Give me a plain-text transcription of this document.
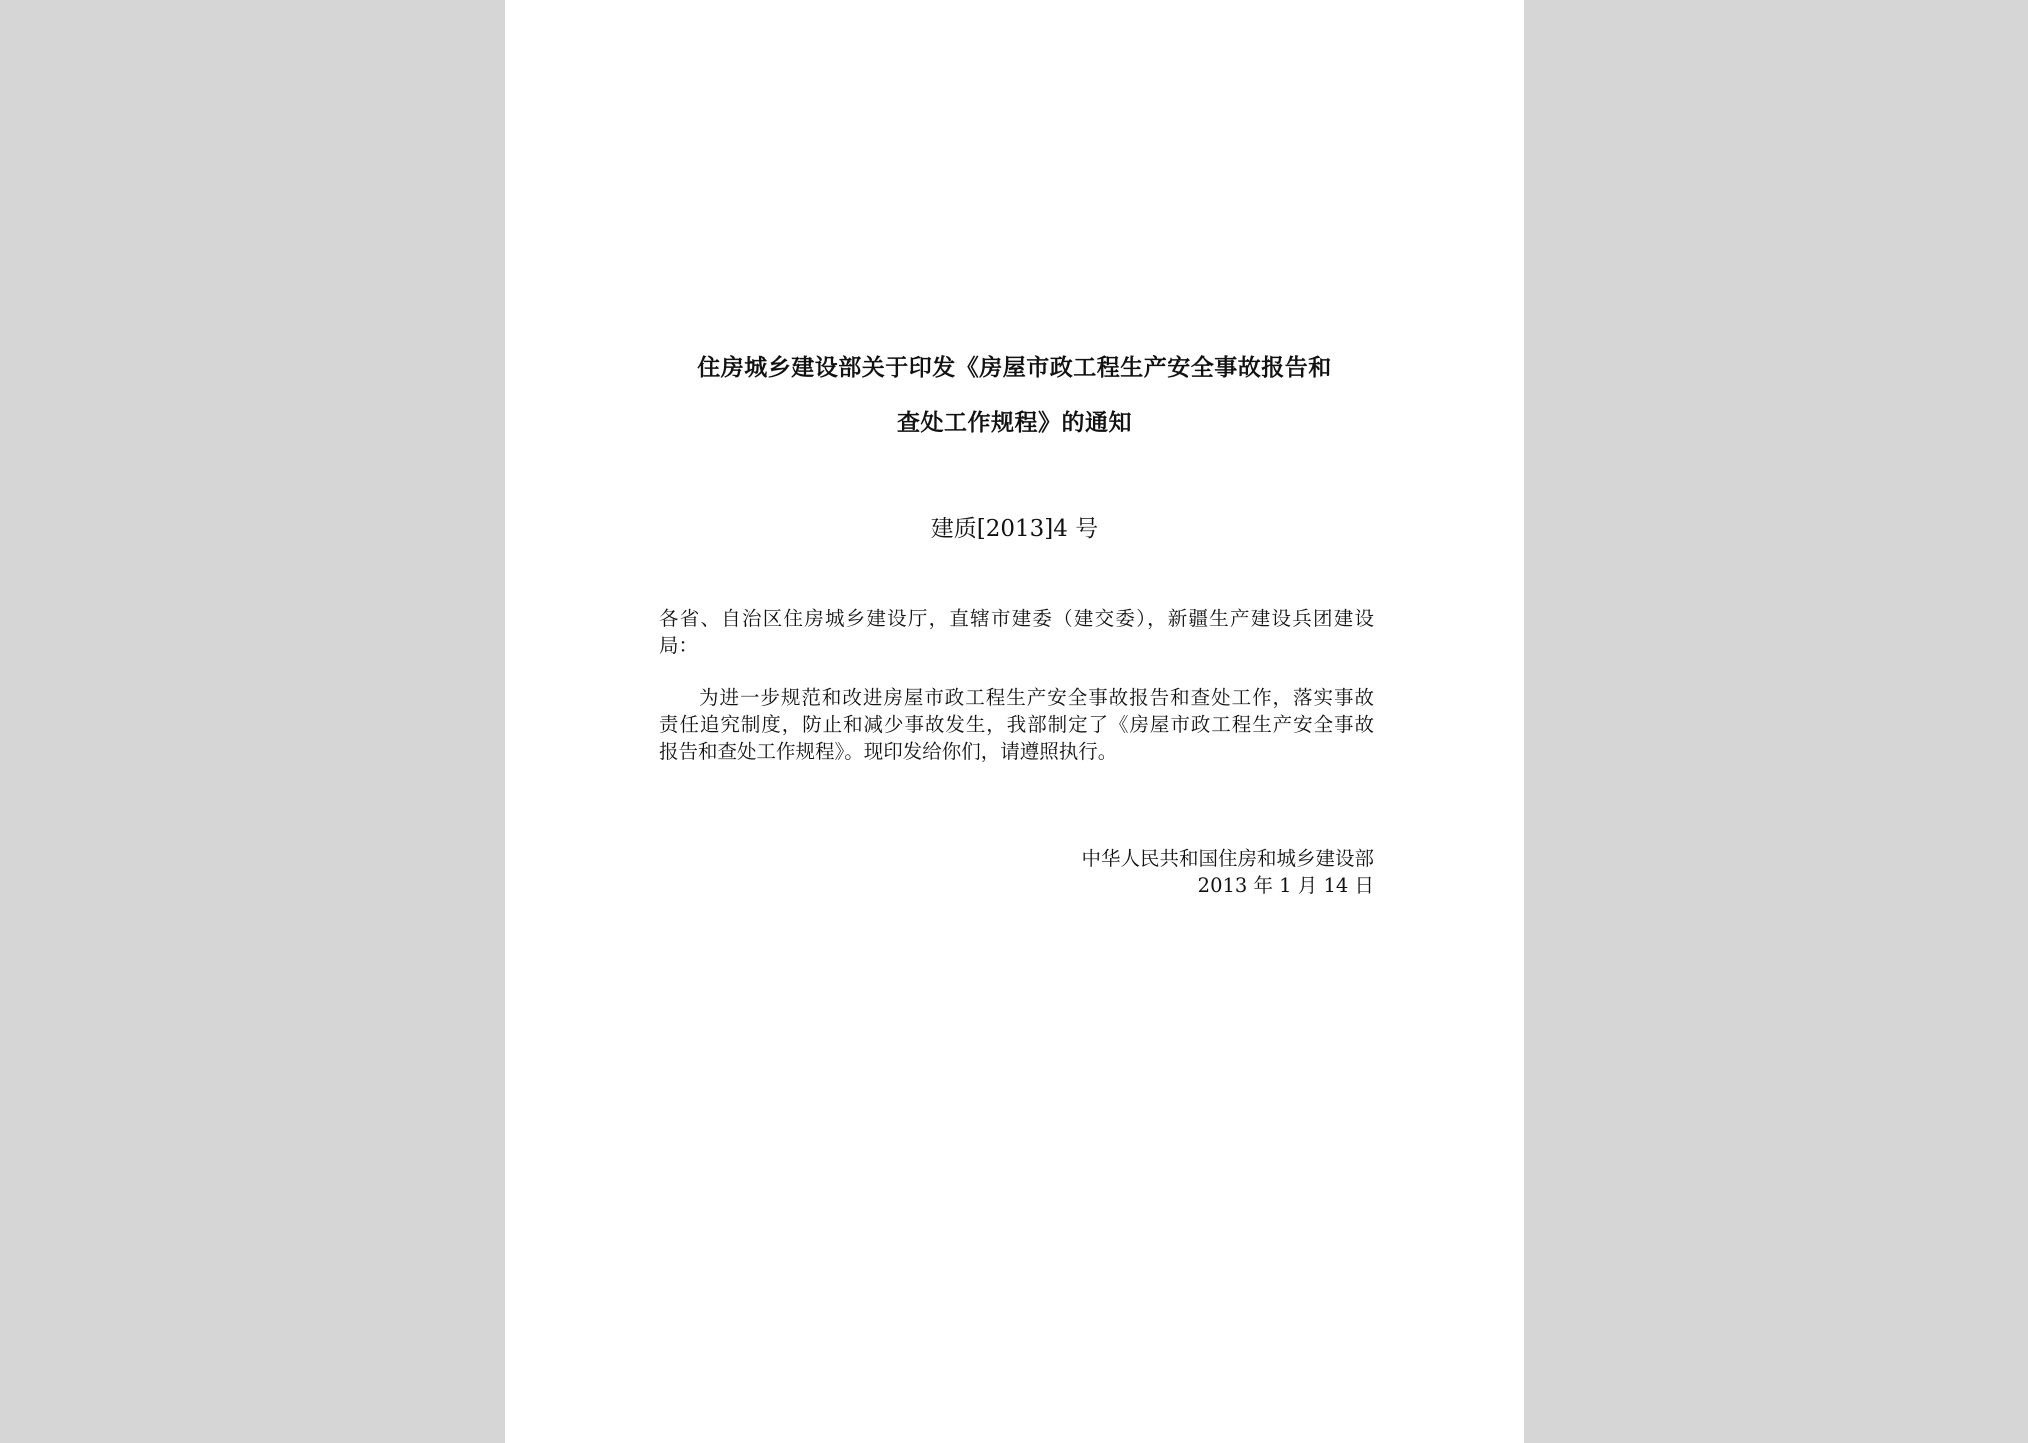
住房城乡建设部关于印发《房屋市政工程生产安全事故报告和
查处工作规程》的通知
建质[2013]4 号
各省、自治区住房城乡建设厅，直辖市建委（建交委），新疆生产建设兵团建设
局：
为进一步规范和改进房屋市政工程生产安全事故报告和查处工作，落实事故
责任追究制度，防止和减少事故发生，我部制定了《房屋市政工程生产安全事故
报告和查处工作规程》。现印发给你们，请遵照执行。
中华人民共和国住房和城乡建设部
2013 年 1 月 14 日
